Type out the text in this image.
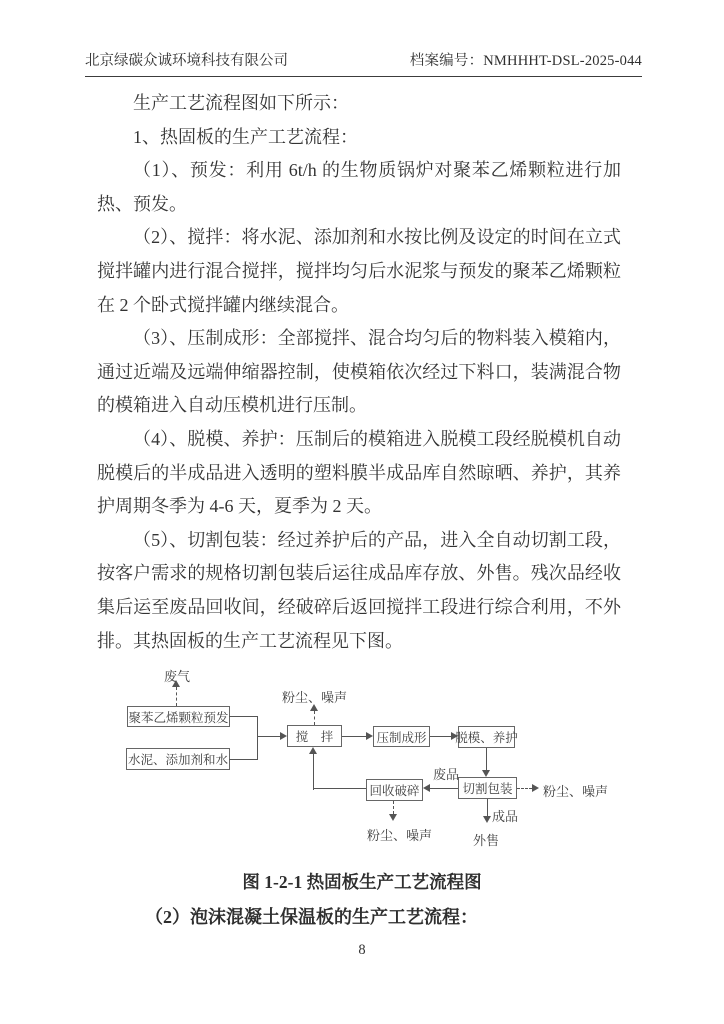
北京绿碳众诚环境科技有限公司	档案编号：NMHHHT-DSL-2025-044

生产工艺流程图如下所示：

1、热固板的生产工艺流程：

（1）、预发：利用 6t/h 的生物质锅炉对聚苯乙烯颗粒进行加热、预发。

（2）、搅拌：将水泥、添加剂和水按比例及设定的时间在立式搅拌罐内进行混合搅拌，搅拌均匀后水泥浆与预发的聚苯乙烯颗粒在 2 个卧式搅拌罐内继续混合。

（3）、压制成形：全部搅拌、混合均匀后的物料装入模箱内，通过近端及远端伸缩器控制，使模箱依次经过下料口，装满混合物的模箱进入自动压模机进行压制。

（4）、脱模、养护：压制后的模箱进入脱模工段经脱模机自动脱模后的半成品进入透明的塑料膜半成品库自然晾晒、养护，其养护周期冬季为 4-6 天，夏季为 2 天。

（5）、切割包装：经过养护后的产品，进入全自动切割工段，按客户需求的规格切割包装后运往成品库存放、外售。残次品经收集后运至废品回收间，经破碎后返回搅拌工段进行综合利用，不外排。其热固板的生产工艺流程见下图。

聚苯乙烯颗粒预发
水泥、添加剂和水
搅　拌	压制成形 脱模、养护
回收破碎	切割包装
废气
粉尘、噪声
废品
粉尘、噪声
成品
外售
粉尘、噪声
图 1-2-1 热固板生产工艺流程图
（2）泡沫混凝土保温板的生产工艺流程：
8
